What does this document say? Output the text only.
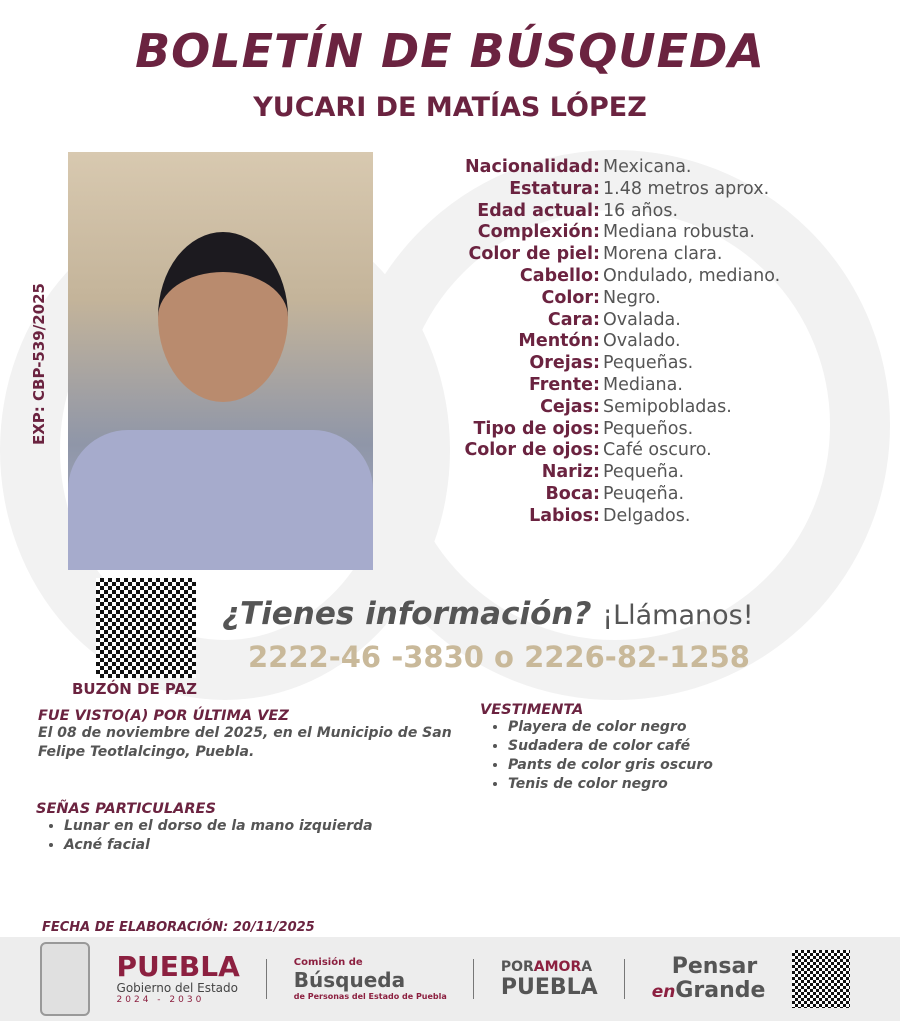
BOLETÍN DE BÚSQUEDA
YUCARI DE MATÍAS LÓPEZ
EXP: CBP-539/2025
Nacionalidad: Mexicana.
Estatura: 1.48 metros aprox.
Edad actual: 16 años.
Complexión: Mediana robusta.
Color de piel: Morena clara.
Cabello: Ondulado, mediano.
Color: Negro.
Cara: Ovalada.
Mentón: Ovalado.
Orejas: Pequeñas.
Frente: Mediana.
Cejas: Semipobladas.
Tipo de ojos: Pequeños.
Color de ojos: Café oscuro.
Nariz: Pequeña.
Boca: Peuqeña.
Labios: Delgados.
BUZÓN DE PAZ
¿Tienes información? ¡Llámanos!
2222-46 -3830 o 2226-82-1258
FUE VISTO(A) POR ÚLTIMA VEZ
El 08 de noviembre del 2025, en el Municipio de San Felipe Teotlalcingo, Puebla.
VESTIMENTA
• Playera de color negro
• Sudadera de color café
• Pants de color gris oscuro
• Tenis de color negro
SEÑAS PARTICULARES
• Lunar en el dorso de la mano izquierda
• Acné facial
FECHA DE ELABORACIÓN: 20/11/2025
PUEBLA
Gobierno del Estado
2024 - 2030
Comisión de
Búsqueda
de Personas del Estado de Puebla
PORAMORA
PUEBLA
Pensar
enGrande
